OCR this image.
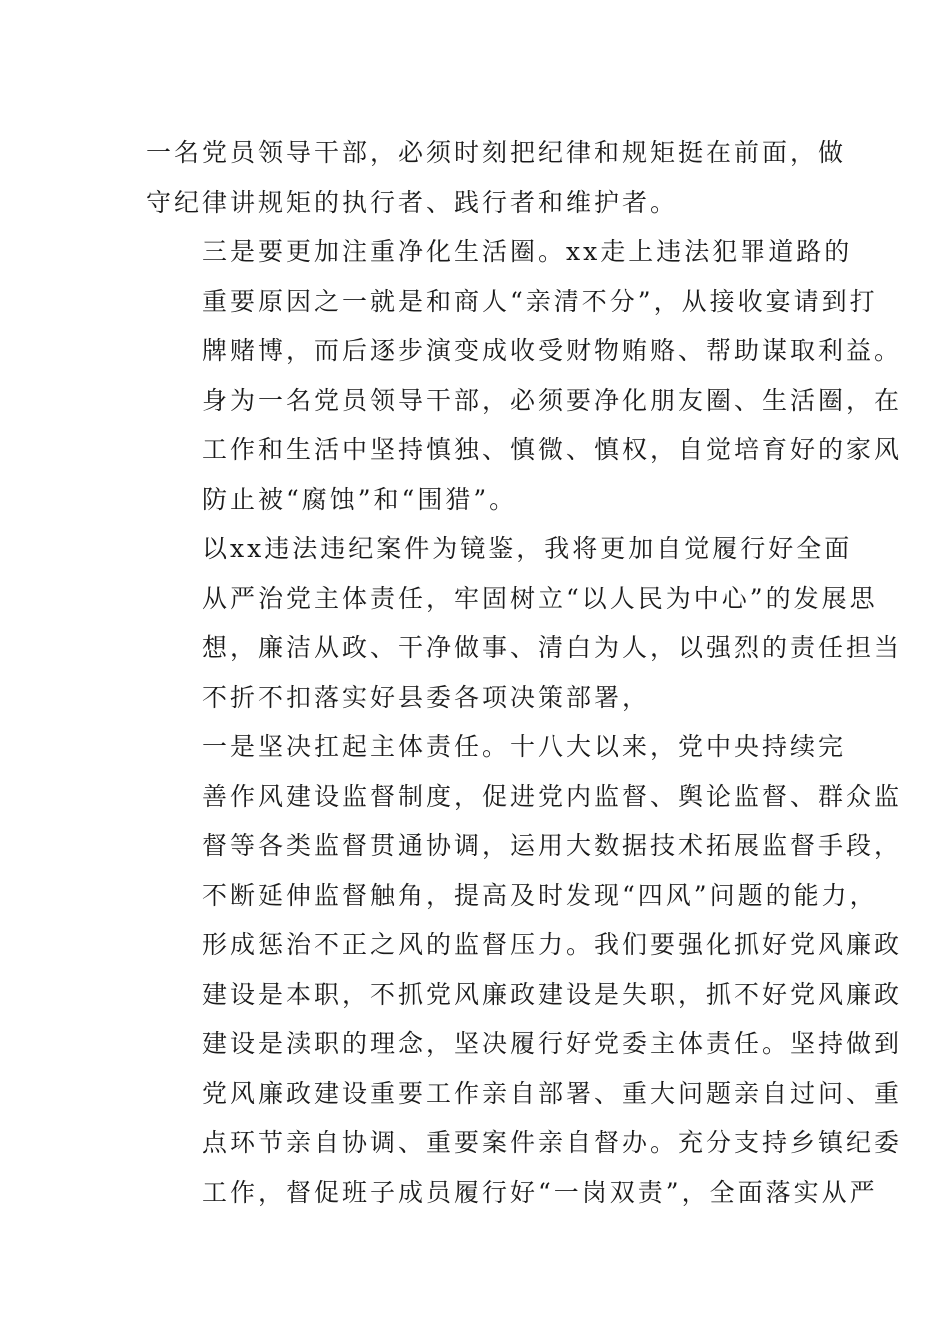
一名党员领导干部，必须时刻把纪律和规矩挺在前面，做
守纪律讲规矩的执行者、践行者和维护者。

三是要更加注重净化生活圈。xx走上违法犯罪道路的
重要原因之一就是和商人“亲清不分”，从接收宴请到打
牌赌博，而后逐步演变成收受财物贿赂、帮助谋取利益。
身为一名党员领导干部，必须要净化朋友圈、生活圈，在
工作和生活中坚持慎独、慎微、慎权，自觉培育好的家风
防止被“腐蚀”和“围猎”。

以xx违法违纪案件为镜鉴，我将更加自觉履行好全面
从严治党主体责任，牢固树立“以人民为中心”的发展思
想，廉洁从政、干净做事、清白为人，以强烈的责任担当
不折不扣落实好县委各项决策部署，

一是坚决扛起主体责任。十八大以来，党中央持续完
善作风建设监督制度，促进党内监督、舆论监督、群众监
督等各类监督贯通协调，运用大数据技术拓展监督手段，
不断延伸监督触角，提高及时发现“四风”问题的能力，
形成惩治不正之风的监督压力。我们要强化抓好党风廉政
建设是本职，不抓党风廉政建设是失职，抓不好党风廉政
建设是渎职的理念，坚决履行好党委主体责任。坚持做到
党风廉政建设重要工作亲自部署、重大问题亲自过问、重
点环节亲自协调、重要案件亲自督办。充分支持乡镇纪委
工作，督促班子成员履行好“一岗双责”，全面落实从严
